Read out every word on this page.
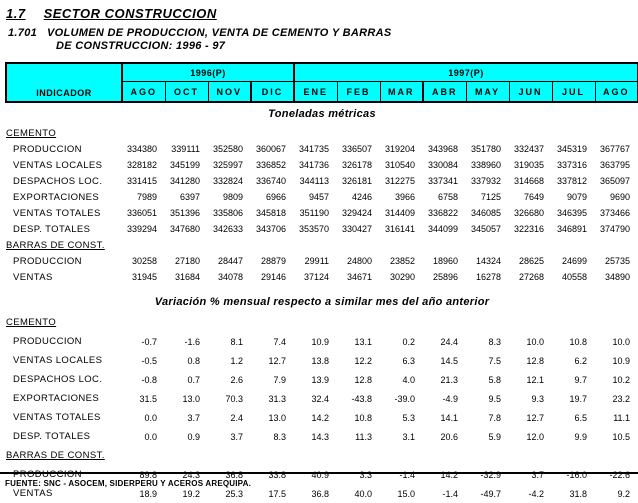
1.7 SECTOR CONSTRUCCION
1.701 VOLUMEN DE PRODUCCION, VENTA DE CEMENTO Y BARRAS
DE CONSTRUCCION: 1996 - 97
INDICADOR	1996(P)				1997(P)							
	AGO	OCT	NOV	DIC	ENE	FEB	MAR	ABR	MAY	JUN	JUL	AGO
Toneladas métricas												
CEMENTO												
PRODUCCION	334380	339111	352580	360067	341735	336507	319204	343968	351780	332437	345319	367767
VENTAS LOCALES	328182	345199	325997	336852	341736	326178	310540	330084	338960	319035	337316	363795
DESPACHOS LOC.	331415	341280	332824	336740	344113	326181	312275	337341	337932	314668	337812	365097
EXPORTACIONES	7989	6397	9809	6966	9457	4246	3966	6758	7125	7649	9079	9690
VENTAS TOTALES	336051	351396	335806	345818	351190	329424	314409	336822	346085	326680	346395	373466
DESP. TOTALES	339294	347680	342633	343706	353570	330427	316141	344099	345057	322316	346891	374790
BARRAS DE CONST.												
PRODUCCION	30258	27180	28447	28879	29911	24800	23852	18960	14324	28625	24699	25735
VENTAS	31945	31684	34078	29146	37124	34671	30290	25896	16278	27268	40558	34890

Variación % mensual respecto a similar mes del año anterior												
CEMENTO												
PRODUCCION	-0.7	-1.6	8.1	7.4	10.9	13.1	0.2	24.4	8.3	10.0	10.8	10.0
VENTAS LOCALES	-0.5	0.8	1.2	12.7	13.8	12.2	6.3	14.5	7.5	12.8	6.2	10.9
DESPACHOS LOC.	-0.8	0.7	2.6	7.9	13.9	12.8	4.0	21.3	5.8	12.1	9.7	10.2
EXPORTACIONES	31.5	13.0	70.3	31.3	32.4	-43.8	-39.0	-4.9	9.5	9.3	19.7	23.2
VENTAS TOTALES	0.0	3.7	2.4	13.0	14.2	10.8	5.3	14.1	7.8	12.7	6.5	11.1
DESP. TOTALES	0.0	0.9	3.7	8.3	14.3	11.3	3.1	20.6	5.9	12.0	9.9	10.5
BARRAS DE CONST.												
PRODUCCION	89.8	24.3	36.8	33.8	40.9	3.3	-1.4	14.2	-32.9	3.7	-16.0	-22.6
VENTAS	18.9	19.2	25.3	17.5	36.8	40.0	15.0	-1.4	-49.7	-4.2	31.8	9.2
FUENTE: SNC - ASOCEM, SIDERPERU Y ACEROS AREQUIPA.
